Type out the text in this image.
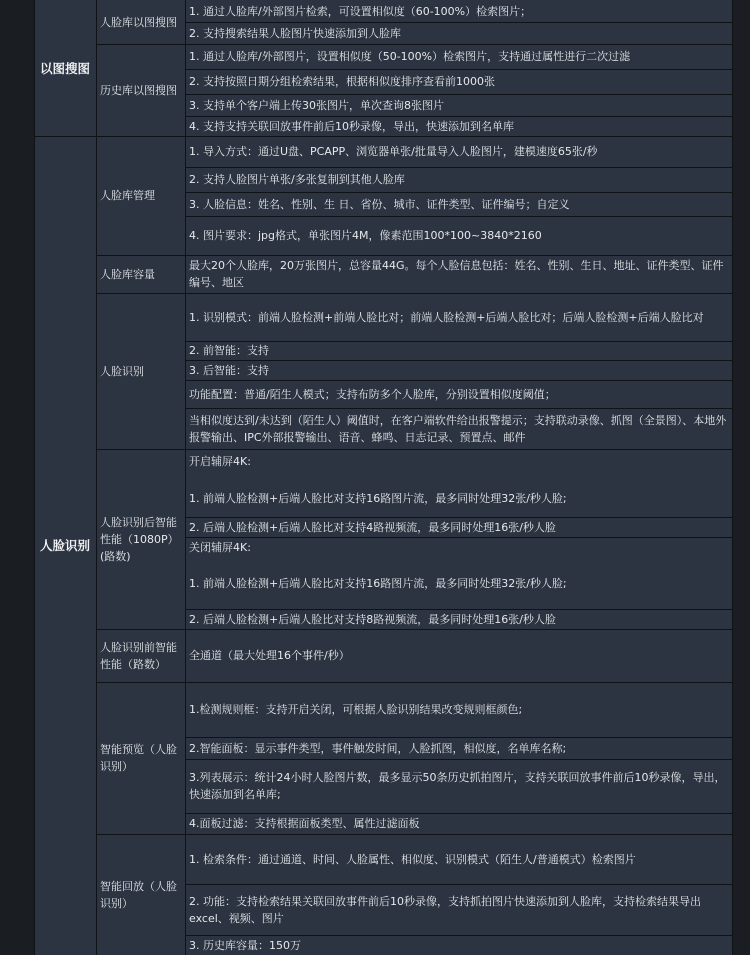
以图搜图
人脸库以图搜图
1. 通过人脸库/外部图片检索，可设置相似度（60-100%）检索图片；
2. 支持搜索结果人脸图片快速添加到人脸库
历史库以图搜图
1. 通过人脸库/外部图片，设置相似度（50-100%）检索图片，支持通过属性进行二次过滤
2. 支持按照日期分组检索结果，根据相似度排序查看前1000张
3. 支持单个客户端上传30张图片，单次查询8张图片
4. 支持支持关联回放事件前后10秒录像，导出，快速添加到名单库
人脸识别
人脸库管理
1. 导入方式：通过U盘、PCAPP、浏览器单张/批量导入人脸图片，建模速度65张/秒
2. 支持人脸图片单张/多张复制到其他人脸库
3. 人脸信息：姓名、性别、生 日、省份、城市、证件类型、证件编号；自定义
4. 图片要求：jpg格式，单张图片4M，像素范围100*100~3840*2160
人脸库容量
最大20个人脸库，20万张图片，总容量44G。每个人脸信息包括：姓名、性别、生日、地址、证件类型、证件编号、地区
人脸识别
1. 识别模式：前端人脸检测+前端人脸比对；前端人脸检测+后端人脸比对；后端人脸检测+后端人脸比对
2. 前智能：支持
3. 后智能：支持
功能配置：普通/陌生人模式；支持布防多个人脸库，分别设置相似度阈值；
当相似度达到/未达到（陌生人）阈值时，在客户端软件给出报警提示；支持联动录像、抓图（全景图）、本地外报警输出、IPC外部报警输出、语音、蜂鸣、日志记录、预置点、邮件
人脸识别后智能性能（1080P）(路数)
开启辅屏4K:
1. 前端人脸检测+后端人脸比对支持16路图片流，最多同时处理32张/秒人脸;
2. 后端人脸检测+后端人脸比对支持4路视频流，最多同时处理16张/秒人脸
关闭辅屏4K:
1. 前端人脸检测+后端人脸比对支持16路图片流，最多同时处理32张/秒人脸;
2. 后端人脸检测+后端人脸比对支持8路视频流，最多同时处理16张/秒人脸
人脸识别前智能性能（路数）
全通道（最大处理16个事件/秒）
智能预览（人脸识别）
1.检测规则框：支持开启关闭，可根据人脸识别结果改变规则框颜色;
2.智能面板：显示事件类型，事件触发时间，人脸抓图，相似度，名单库名称;
3.列表展示：统计24小时人脸图片数，最多显示50条历史抓拍图片，支持关联回放事件前后10秒录像，导出，快速添加到名单库;
4.面板过滤：支持根据面板类型、属性过滤面板
智能回放（人脸识别）
1. 检索条件：通过通道、时间、人脸属性、相似度、识别模式（陌生人/普通模式）检索图片
2. 功能：支持检索结果关联回放事件前后10秒录像，支持抓拍图片快速添加到人脸库，支持检索结果导出excel、视频、图片
3. 历史库容量：150万
